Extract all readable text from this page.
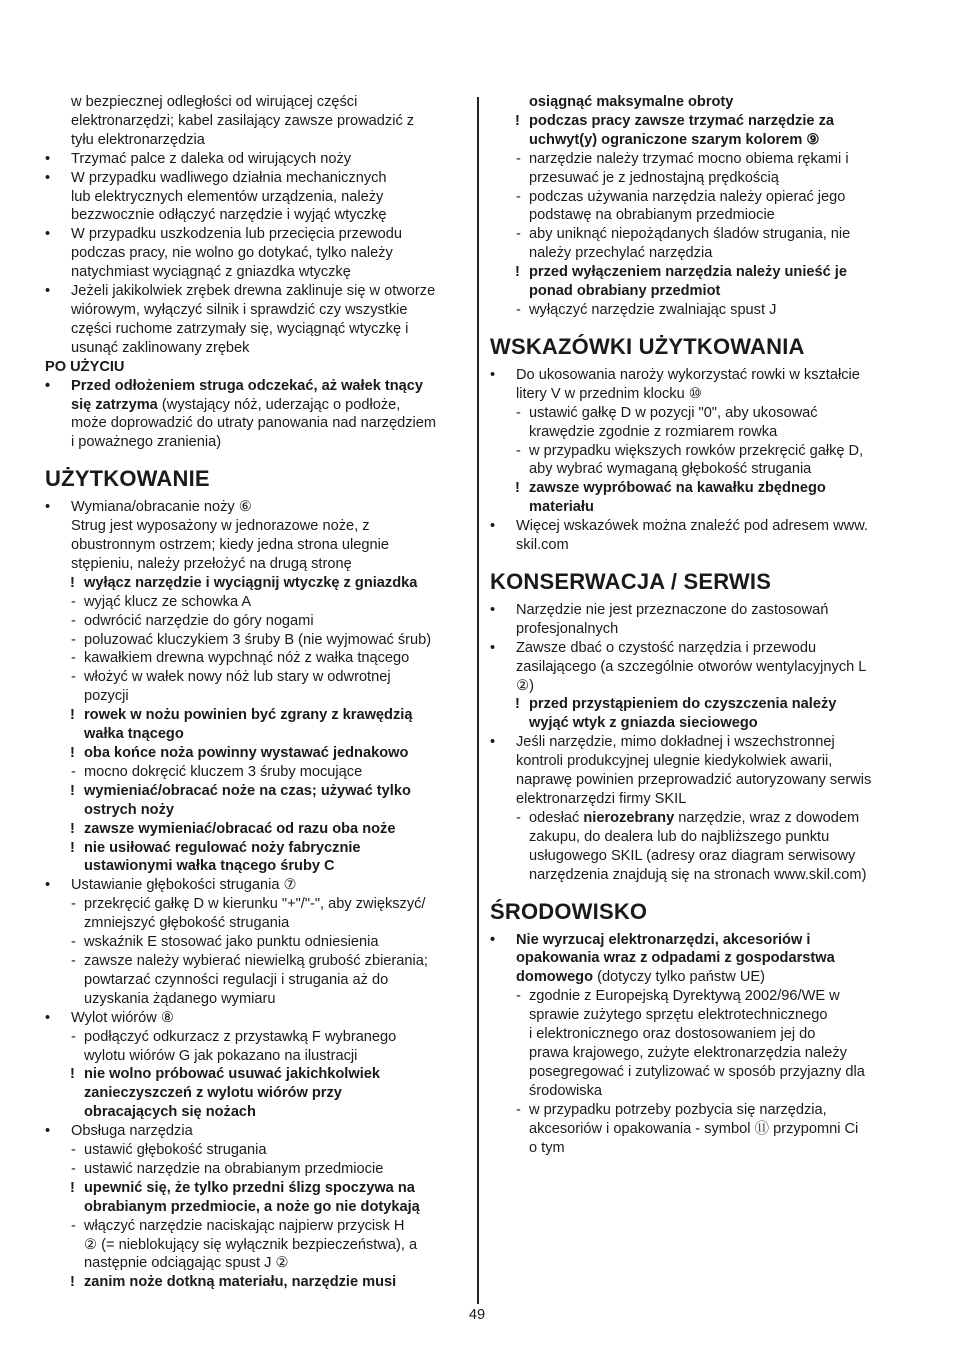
w bezpiecznej odległości od wirującej części
elektronarzędzi; kabel zasilający zawsze prowadzić z
tyłu elektronarzędzia
• Trzymać palce z daleka od wirujących noży
• W przypadku wadliwego działnia mechanicznych
lub elektrycznych elementów urządzenia, należy
bezzwocznie odłączyć narzędzie i wyjąć wtyczkę
• W przypadku uszkodzenia lub przecięcia przewodu
podczas pracy, nie wolno go dotykać, tylko należy
natychmiast wyciągnąć z gniazdka wtyczkę
• Jeżeli jakikolwiek zrębek drewna zaklinuje się w otworze
wiórowym, wyłączyć silnik i sprawdzić czy wszystkie
części ruchome zatrzymały się, wyciągnąć wtyczkę i
usunąć zaklinowany zrębek
PO UŻYCIU
• Przed odłożeniem struga odczekać, aż wałek tnący
się zatrzyma (wystający nóż, uderzając o podłoże,
może doprowadzić do utraty panowania nad narzędziem
i poważnego zranienia)
UŻYTKOWANIE
• Wymiana/obracanie noży ⑥
Strug jest wyposażony w jednorazowe noże, z
obustronnym ostrzem; kiedy jedna strona ulegnie
stępieniu, należy przełożyć na drugą stronę
! wyłącz narzędzie i wyciągnij wtyczkę z gniazdka
- wyjąć klucz ze schowka A
- odwrócić narzędzie do góry nogami
- poluzować kluczykiem 3 śruby B (nie wyjmować śrub)
- kawałkiem drewna wypchnąć nóż z wałka tnącego
- włożyć w wałek nowy nóż lub stary w odwrotnej
pozycji
! rowek w nożu powinien być zgrany z krawędzią
wałka tnącego
! oba końce noża powinny wystawać jednakowo
- mocno dokręcić kluczem 3 śruby mocujące
! wymieniać/obracać noże na czas; używać tylko
ostrych noży
! zawsze wymieniać/obracać od razu oba noże
! nie usiłować regulować noży fabrycznie
ustawionymi wałka tnącego śruby C
• Ustawianie głębokości strugania ⑦
- przekręcić gałkę D w kierunku "+"/"-", aby zwiększyć/
zmniejszyć głębokość strugania
- wskaźnik E stosować jako punktu odniesienia
- zawsze należy wybierać niewielką grubość zbierania;
powtarzać czynności regulacji i strugania aż do
uzyskania żądanego wymiaru
• Wylot wiórów ⑧
- podłączyć odkurzacz z przystawką F wybranego
wylotu wiórów G jak pokazano na ilustracji
! nie wolno próbować usuwać jakichkolwiek
zanieczyszczeń z wylotu wiórów przy
obracających się nożach
• Obsługa narzędzia
- ustawić głębokość strugania
- ustawić narzędzie na obrabianym przedmiocie
! upewnić się, że tylko przedni ślizg spoczywa na
obrabianym przedmiocie, a noże go nie dotykają
- włączyć narzędzie naciskając najpierw przycisk H
② (= nieblokujący się wyłącznik bezpieczeństwa), a
następnie odciągając spust J ②
! zanim noże dotkną materiału, narzędzie musi
osiągnąć maksymalne obroty
! podczas pracy zawsze trzymać narzędzie za
uchwyt(y) ograniczone szarym kolorem ⑨
- narzędzie należy trzymać mocno obiema rękami i
przesuwać je z jednostajną prędkością
- podczas używania narzędzia należy opierać jego
podstawę na obrabianym przedmiocie
- aby uniknąć niepożądanych śladów strugania, nie
należy przechylać narzędzia
! przed wyłączeniem narzędzia należy unieść je
ponad obrabiany przedmiot
- wyłączyć narzędzie zwalniając spust J
WSKAZÓWKI UŻYTKOWANIA
• Do ukosowania naroży wykorzystać rowki w kształcie
litery V w przednim klocku ⑩
- ustawić gałkę D w pozycji "0", aby ukosować
krawędzie zgodnie z rozmiarem rowka
- w przypadku większych rowków przekręcić gałkę D,
aby wybrać wymaganą głębokość strugania
! zawsze wypróbować na kawałku zbędnego
materiału
• Więcej wskazówek można znaleźć pod adresem www.
skil.com
KONSERWACJA / SERWIS
• Narzędzie nie jest przeznaczone do zastosowań
profesjonalnych
• Zawsze dbać o czystość narzędzia i przewodu
zasilającego (a szczególnie otworów wentylacyjnych L
②)
! przed przystąpieniem do czyszczenia należy
wyjąć wtyk z gniazda sieciowego
• Jeśli narzędzie, mimo dokładnej i wszechstronnej
kontroli produkcyjnej ulegnie kiedykolwiek awarii,
naprawę powinien przeprowadzić autoryzowany serwis
elektronarzędzi firmy SKIL
- odesłać nierozebrany narzędzie, wraz z dowodem
zakupu, do dealera lub do najbliższego punktu
usługowego SKIL (adresy oraz diagram serwisowy
narzędzenia znajdują się na stronach www.skil.com)
ŚRODOWISKO
• Nie wyrzucaj elektronarzędzi, akcesoriów i
opakowania wraz z odpadami z gospodarstwa
domowego (dotyczy tylko państw UE)
- zgodnie z Europejską Dyrektywą 2002/96/WE w
sprawie zużytego sprzętu elektrotechnicznego
i elektronicznego oraz dostosowaniem jej do
prawa krajowego, zużyte elektronarzędzia należy
posegregować i zutylizować w sposób przyjazny dla
środowiska
- w przypadku potrzeby pozbycia się narzędzia,
akcesoriów i opakowania - symbol ⑪ przypomni Ci
o tym
49
